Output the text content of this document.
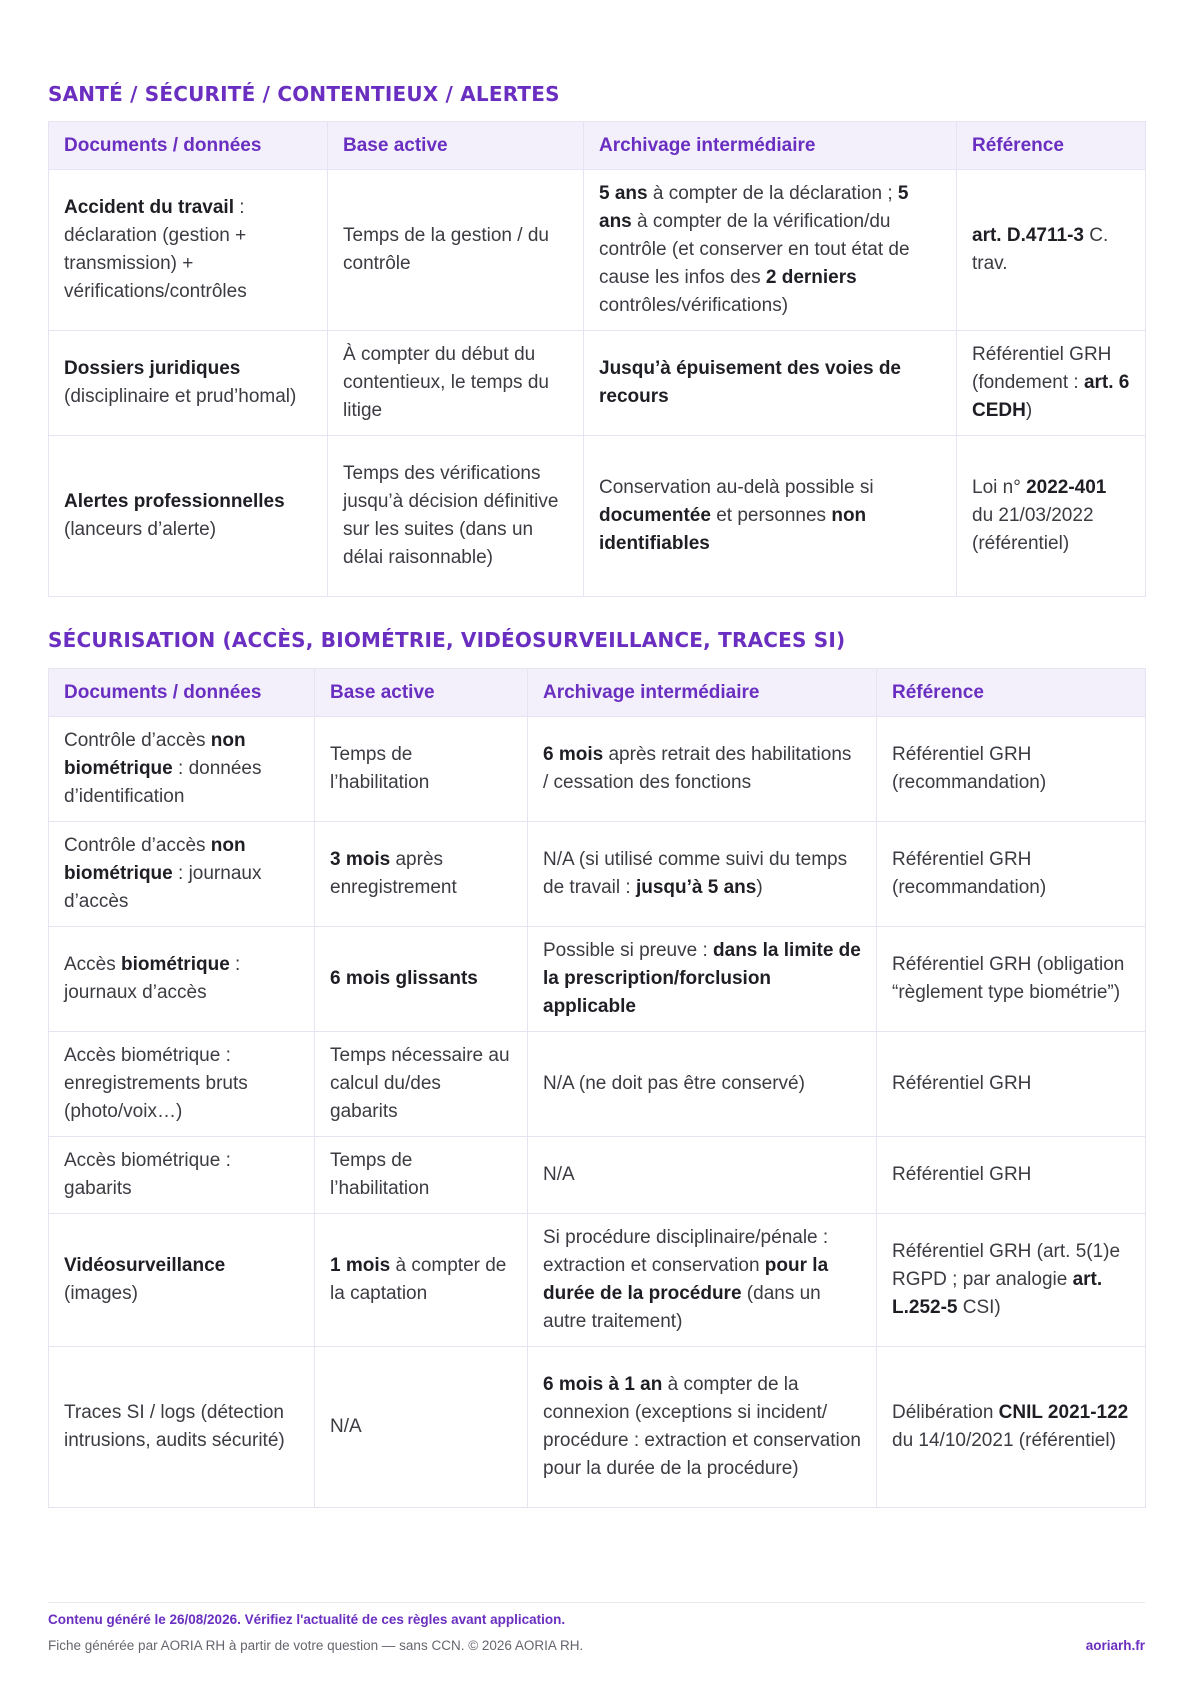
SANTÉ / SÉCURITÉ / CONTENTIEUX / ALERTES
Documents / données	Base active	Archivage intermédiaire	Référence
Accident du travail : déclaration (gestion + transmission) + vérifications/contrôles	Temps de la gestion / du contrôle	5 ans à compter de la déclaration ; 5 ans à compter de la vérification/du contrôle (et conserver en tout état de cause les infos des 2 derniers contrôles/vérifications)	art. D.4711-3 C. trav.
Dossiers juridiques (disciplinaire et prud’homal)	À compter du début du contentieux, le temps du litige	Jusqu’à épuisement des voies de recours	Référentiel GRH (fondement : art. 6 CEDH)
Alertes professionnelles (lanceurs d’alerte)	Temps des vérifications jusqu’à décision définitive sur les suites (dans un délai raisonnable)	Conservation au-delà possible si documentée et personnes non identifiables	Loi n° 2022-401 du 21/03/2022 (référentiel)
SÉCURISATION (ACCÈS, BIOMÉTRIE, VIDÉOSURVEILLANCE, TRACES SI)
Documents / données	Base active	Archivage intermédiaire	Référence
Contrôle d’accès non biométrique : données d’identification	Temps de l’habilitation	6 mois après retrait des habilitations / cessation des fonctions	Référentiel GRH (recommandation)
Contrôle d’accès non biométrique : journaux d’accès	3 mois après enregistrement	N/A (si utilisé comme suivi du temps de travail : jusqu’à 5 ans)	Référentiel GRH (recommandation)
Accès biométrique : journaux d’accès	6 mois glissants	Possible si preuve : dans la limite de la prescription/forclusion applicable	Référentiel GRH (obligation “règlement type biométrie”)
Accès biométrique : enregistrements bruts (photo/voix…)	Temps nécessaire au calcul du/des gabarits	N/A (ne doit pas être conservé)	Référentiel GRH
Accès biométrique : gabarits	Temps de l’habilitation	N/A	Référentiel GRH
Vidéosurveillance (images)	1 mois à compter de la captation	Si procédure disciplinaire/pénale : extraction et conservation pour la durée de la procédure (dans un autre traitement)	Référentiel GRH (art. 5(1)e RGPD ; par analogie art. L.252-5 CSI)
Traces SI / logs (détection intrusions, audits sécurité)	N/A	6 mois à 1 an à compter de la connexion (exceptions si incident/ procédure : extraction et conservation pour la durée de la procédure)	Délibération CNIL 2021-122 du 14/10/2021 (référentiel)
Contenu généré le 26/08/2026. Vérifiez l'actualité de ces règles avant application.
Fiche générée par AORIA RH à partir de votre question — sans CCN. © 2026 AORIA RH.	aoriarh.fr
